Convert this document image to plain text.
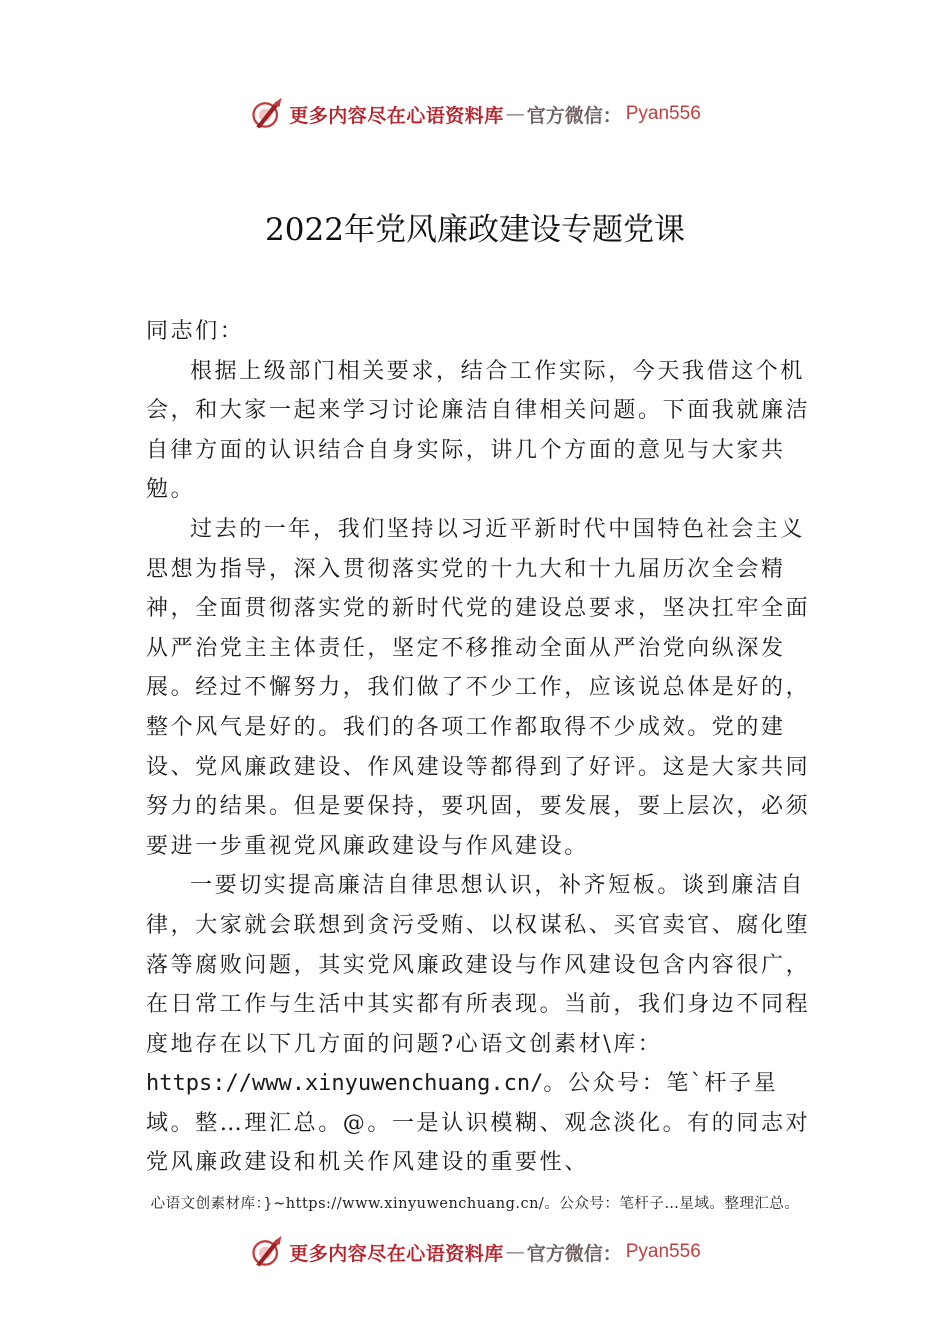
更多内容尽在心语资料库 — 官方微信： Pyan556
2022年党风廉政建设专题党课

同志们：

根据上级部门相关要求，结合工作实际，今天我借这个机会，和大家一起来学习讨论廉洁自律相关问题。下面我就廉洁自律方面的认识结合自身实际，讲几个方面的意见与大家共勉。

过去的一年，我们坚持以习近平新时代中国特色社会主义思想为指导，深入贯彻落实党的十九大和十九届历次全会精神，全面贯彻落实党的新时代党的建设总要求，坚决扛牢全面从严治党主主体责任，坚定不移推动全面从严治党向纵深发展。经过不懈努力，我们做了不少工作，应该说总体是好的，整个风气是好的。我们的各项工作都取得不少成效。党的建设、党风廉政建设、作风建设等都得到了好评。这是大家共同努力的结果。但是要保持，要巩固，要发展，要上层次，必须要进一步重视党风廉政建设与作风建设。

一要切实提高廉洁自律思想认识，补齐短板。谈到廉洁自律，大家就会联想到贪污受贿、以权谋私、买官卖官、腐化堕落等腐败问题，其实党风廉政建设与作风建设包含内容很广，在日常工作与生活中其实都有所表现。当前，我们身边不同程度地存在以下几方面的问题?心语文创素材\库：https://www.xinyuwenchuang.cn/。公众号：笔`杆子星域。整…理汇总。@。一是认识模糊、观念淡化。有的同志对党风廉政建设和机关作风建设的重要性、

心语文创素材库：}~https://www.xinyuwenchuang.cn/。公众号：笔杆子…星域。整理汇总。
更多内容尽在心语资料库 — 官方微信： Pyan556
